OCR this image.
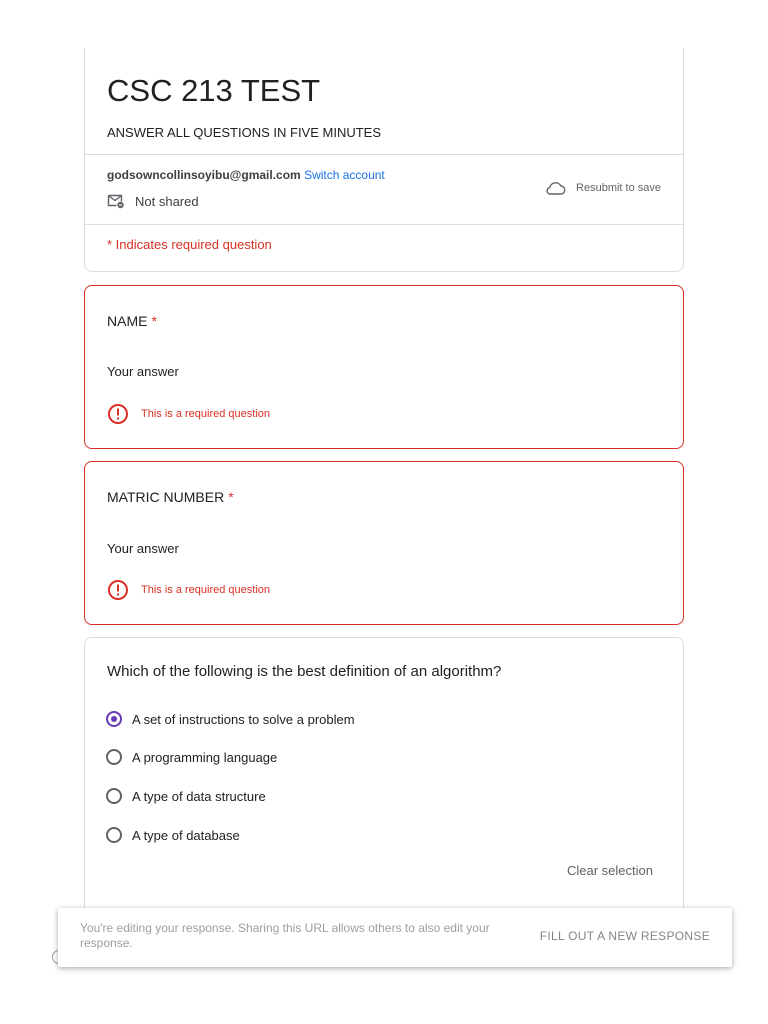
CSC 213 TEST
ANSWER ALL QUESTIONS IN FIVE MINUTES
godsowncollinsoyibu@gmail.com Switch account
Not shared
Resubmit to save
* Indicates required question
NAME *
Your answer
This is a required question
MATRIC NUMBER *
Your answer
This is a required question
Which of the following is the best definition of an algorithm?
A set of instructions to solve a problem
A programming language
A type of data structure
A type of database
Clear selection
You're editing your response. Sharing this URL allows others to also edit your response.	FILL OUT A NEW RESPONSE
